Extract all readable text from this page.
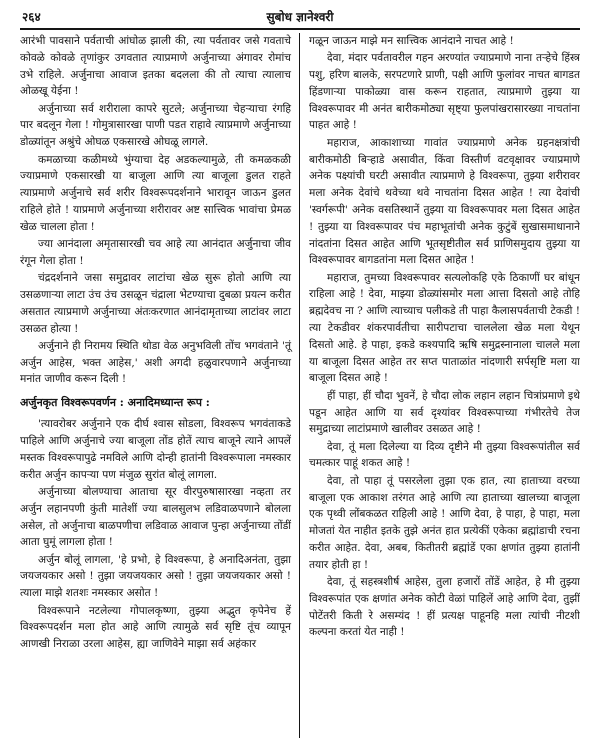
२६४	सुबोध ज्ञानेश्वरी

आरंभी पावसाने पर्वताची आंघोळ झाली की, त्या पर्वतावर जसे गवताचे कोवळे कोवळे तृणांकुर उगवतात त्याप्रमाणे अर्जुनाच्या अंगावर रोमांच उभे राहिले. अर्जुनाचा आवाज इतका बदलला की तो त्याचा त्यालाच ओळखू येईना !

अर्जुनाच्या सर्व शरीराला कापरे सुटले; अर्जुनाच्या चेहऱ्याचा रंगहि पार बदलून गेला ! गोमुत्रासारखा पाणी पडत राहावे त्याप्रमाणे अर्जुनाच्या डोळ्यांतून अश्रुंचे ओघळ एकसारखे ओघळू लागले.

कमळाच्या कळीमध्ये भुंग्याचा देह अडकल्यामुळे, ती कमळकळी ज्याप्रमाणे एकसारखी या बाजूला आणि त्या बाजूला डुलत राहते त्याप्रमाणे अर्जुनाचे सर्व शरीर विश्वरूपदर्शनाने भारावून जाऊन डुलत राहिले होते ! याप्रमाणे अर्जुनाच्या शरीरावर अष्ट सात्त्विक भावांचा प्रेमळ खेळ चालला होता !

ज्या आनंदाला अमृतासारखी चव आहे त्या आनंदात अर्जुनाचा जीव रंगून गेला होता !

चंद्रदर्शनाने जसा समुद्रावर लाटांचा खेळ सुरू होतो आणि त्या उसळणाऱ्या लाटा उंच उंच उसळून चंद्राला भेटण्याचा दुबळा प्रयत्न करीत असतात त्याप्रमाणे अर्जुनाच्या अंतःकरणात आनंदामृताच्या लाटांवर लाटा उसळत होत्या !

अर्जुनाने ही निरामय स्थिति थोडा वेळ अनुभविली तोंच भगवंताने 'तूं अर्जुन आहेस, भक्त आहेस,' अशी अगदी हळुवारपणाने अर्जुनाच्या मनांत जाणीव करून दिली !

अर्जुनकृत विश्वरूपवर्णन : अनादिमध्यान्त रूप :

'त्यावरोबर अर्जुनाने एक दीर्घ श्वास सोडला, विश्वरूप भगवंताकडे पाहिले आणि अर्जुनाचे ज्या बाजूला तोंड होतें त्याच बाजूने त्याने आपलें मस्तक विश्वरूपापुढे नमविले आणि दोन्ही हातांनी विश्वरूपाला नमस्कार करीत अर्जुन कापऱ्या पण मंजुळ सुरांत बोलूं लागला.

अर्जुनाच्या बोलण्याचा आताचा सूर वीरपुरुषासारखा नव्हता तर अर्जुन लहानपणी कुंती मातेशीं ज्या बालसुलभ लडिवाळपणाने बोलला असेल, तो अर्जुनाचा बाळपणीचा लडिवाळ आवाज पुन्हा अर्जुनाच्या तोंडीं आता घुमूं लागला होता !

अर्जुन बोलूं लागला, 'हे प्रभो, हे विश्वरूपा, हे अनादिअनंता, तुझा जयजयकार असो ! तुझा जयजयकार असो ! तुझा जयजयकार असो ! त्याला माझे शतशः नमस्कार असोत !

विश्वरूपाने नटलेल्या गोपालकृष्णा, तुझ्या अद्भुत कृपेनेच हें विश्वरूपदर्शन मला होत आहे आणि त्यामुळे सर्व सृष्टि तूंच व्यापून आणखी निराळा उरला आहेस, ह्या जाणिवेने माझा सर्व अहंकार

गळून जाऊन माझे मन सात्त्विक आनंदाने नाचत आहे !

देवा, मंदार पर्वतावरील गहन अरण्यांत ज्याप्रमाणे नाना तऱ्हेचे हिंस्त्र पशु, हरिण बालके, सरपटणारे प्राणी, पक्षी आणि फुलांवर नाचत बागडत हिंडणाऱ्या पाकोळ्या वास करून राहतात, त्याप्रमाणे तुझ्या या विश्वरूपावर मी अनंत बारीकमोठ्या सृष्ट्या फुलपांखरासारख्या नाचतांना पाहत आहे !

महाराज, आकाशाच्या गावांत ज्याप्रमाणे अनेक ग्रहनक्षत्रांची बारीकमोठी बिऱ्हाडे असावीत, किंवा विस्तीर्ण वटवृक्षावर ज्याप्रमाणे अनेक पक्ष्यांची घरटी असावीत त्याप्रमाणे हे विश्वरूपा, तुझ्या शरीरावर मला अनेक देवांचे थवेच्या थवे नाचतांना दिसत आहेत ! त्या देवांची 'स्वर्गरूपी' अनेक वसतिस्थानें तुझ्या या विश्वरूपावर मला दिसत आहेत ! तुझ्या या विश्वरूपावर पंच महाभूतांची अनेक कुटुंबें सुखासमाधानाने नांदतांना दिसत आहेत आणि भूतसृष्टीतील सर्व प्राणिसमुदाय तुझ्या या विश्वरूपावर बागडतांना मला दिसत आहेत !

महाराज, तुमच्या विश्वरूपावर सत्यलोकहि एके ठिकाणीं घर बांधून राहिला आहे ! देवा, माझ्या डोळ्यांसमोर मला आत्ता दिसतो आहे तोहि ब्रह्मदेवच ना ? आणि त्याच्याच पलीकडे ती पाहा कैलासपर्वताची टेकडी ! त्या टेकडीवर शंकरपार्वतीचा सारीपटाचा चाललेला खेळ मला येथून दिसतो आहे. हे पाहा, इकडे कश्यपादि ऋषि समुद्रस्नानाला चालले मला या बाजूला दिसत आहेत तर सप्त पाताळांत नांदणारी सर्पसृष्टि मला या बाजूला दिसत आहे !

हीं पाहा, हीं चौदा भुवनें, हे चौदा लोक लहान लहान चित्रांप्रमाणे इथे पडून आहेत आणि या सर्व दृश्यांवर विश्वरूपाच्या गंभीरतेचे तेज समुद्राच्या लाटांप्रमाणे खालीवर उसळत आहे !

देवा, तूं मला दिलेल्या या दिव्य दृष्टीने मी तुझ्या विश्वरूपांतील सर्व चमत्कार पाहूं शकत आहे !

देवा, तो पाहा तूं पसरलेला तुझा एक हात, त्या हाताच्या वरच्या बाजूला एक आकाश तरंगत आहे आणि त्या हाताच्या खालच्या बाजूला एक पृथ्वी लोंबकळत राहिली आहे ! आणि देवा, हे पाहा, हे पाहा, मला मोजतां येत नाहीत इतके तुझे अनंत हात प्रत्येकीं एकेका ब्रह्मांडाची रचना करीत आहेत. देवा, अबब, कितीतरी ब्रह्मांडें एका क्षणांत तुझ्या हातांनी तयार होती हा !

देवा, तूं सहस्त्रशीर्ष आहेस, तुला हजारों तोंडें आहेत, हे मी तुझ्या विश्वरूपांत एक क्षणांत अनेक कोटी वेळां पाहिलें आहे आणि देवा, तुझीं पोटेंतरी किती रे असम्यंद ! हीं प्रत्यक्ष पाहूनहि मला त्यांची नीटशी कल्पना करतां येत नाही !
